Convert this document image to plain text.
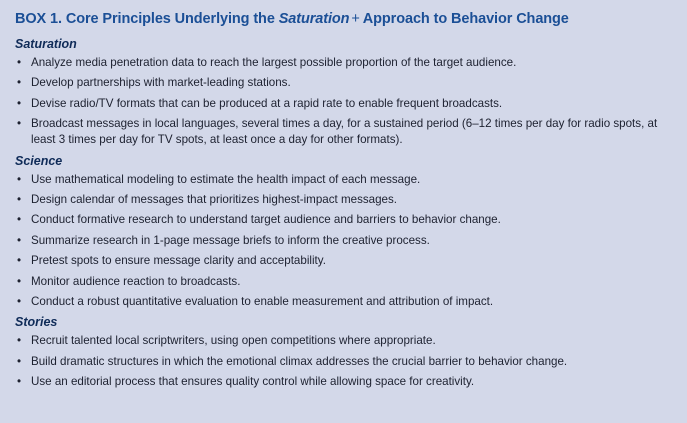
BOX 1. Core Principles Underlying the Saturation + Approach to Behavior Change
Saturation
• Analyze media penetration data to reach the largest possible proportion of the target audience.
• Develop partnerships with market-leading stations.
• Devise radio/TV formats that can be produced at a rapid rate to enable frequent broadcasts.
• Broadcast messages in local languages, several times a day, for a sustained period (6–12 times per day for radio spots, at least 3 times per day for TV spots, at least once a day for other formats).
Science
• Use mathematical modeling to estimate the health impact of each message.
• Design calendar of messages that prioritizes highest-impact messages.
• Conduct formative research to understand target audience and barriers to behavior change.
• Summarize research in 1-page message briefs to inform the creative process.
• Pretest spots to ensure message clarity and acceptability.
• Monitor audience reaction to broadcasts.
• Conduct a robust quantitative evaluation to enable measurement and attribution of impact.
Stories
• Recruit talented local scriptwriters, using open competitions where appropriate.
• Build dramatic structures in which the emotional climax addresses the crucial barrier to behavior change.
• Use an editorial process that ensures quality control while allowing space for creativity.
